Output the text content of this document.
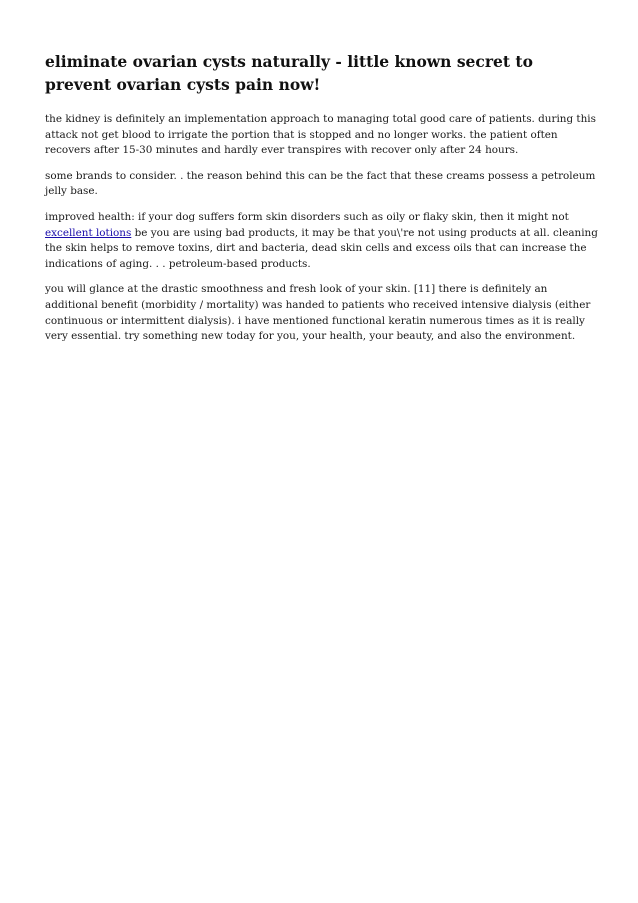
eliminate ovarian cysts naturally - little known secret to prevent ovarian cysts pain now!

the kidney is definitely an implementation approach to managing total good care of patients. during this attack not get blood to irrigate the portion that is stopped and no longer works. the patient often recovers after 15-30 minutes and hardly ever transpires with recover only after 24 hours.

some brands to consider. . the reason behind this can be the fact that these creams possess a petroleum jelly base.

improved health: if your dog suffers form skin disorders such as oily or flaky skin, then it might not excellent lotions be you are using bad products, it may be that you\'re not using products at all. cleaning the skin helps to remove toxins, dirt and bacteria, dead skin cells and excess oils that can increase the indications of aging. . . petroleum-based products.

you will glance at the drastic smoothness and fresh look of your skin. [11] there is definitely an additional benefit (morbidity / mortality) was handed to patients who received intensive dialysis (either continuous or intermittent dialysis). i have mentioned functional keratin numerous times as it is really very essential. try something new today for you, your health, your beauty, and also the environment.
